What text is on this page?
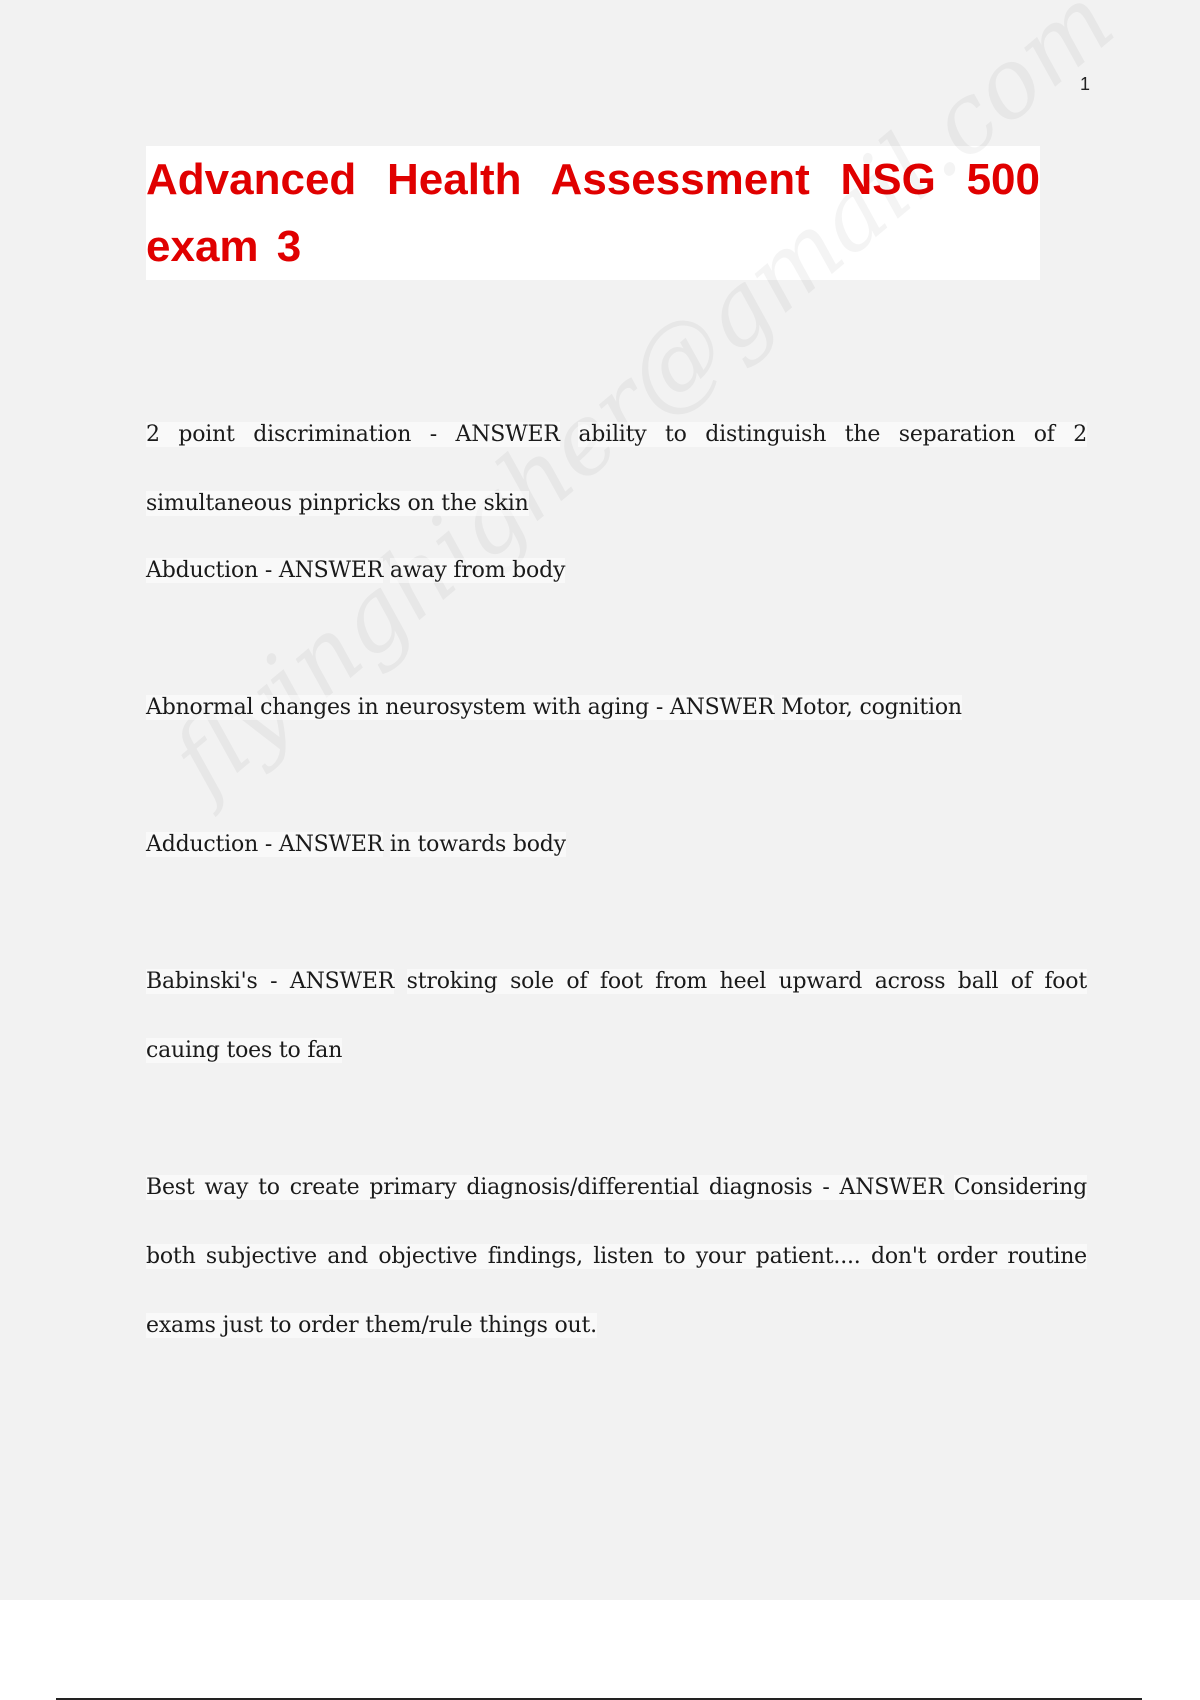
1
Advanced Health Assessment NSG 500 exam 3
2 point discrimination - ANSWER ability to distinguish the separation of 2 simultaneous pinpricks on the skin
Abduction - ANSWER away from body
Abnormal changes in neurosystem with aging - ANSWER Motor, cognition
Adduction - ANSWER in towards body
Babinski's - ANSWER stroking sole of foot from heel upward across ball of foot cauing toes to fan
Best way to create primary diagnosis/differential diagnosis - ANSWER Considering both subjective and objective findings, listen to your patient.... don't order routine exams just to order them/rule things out.
